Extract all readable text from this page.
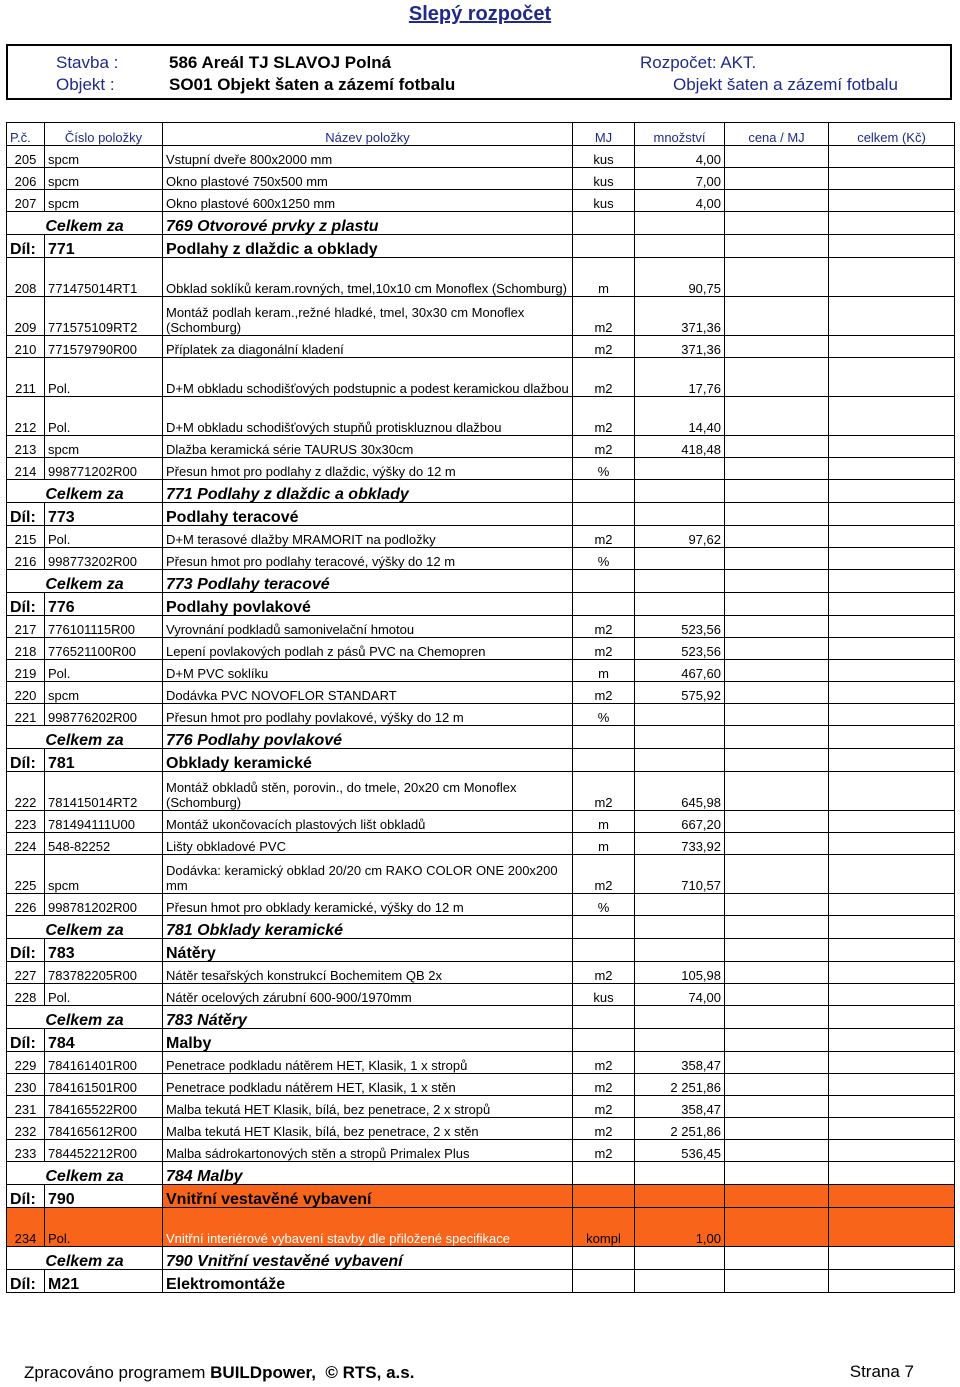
Slepý rozpočet
Stavba :	586 Areál TJ SLAVOJ Polná	Rozpočet: AKT.
Objekt :	SO01 Objekt šaten a zázemí fotbalu	Objekt šaten a zázemí fotbalu
P.č.	Číslo položky	Název položky	MJ	množství	cena / MJ	celkem (Kč)
205	spcm	Vstupní dveře 800x2000 mm	kus	4,00		
206	spcm	Okno plastové 750x500 mm	kus	7,00		
207	spcm	Okno plastové 600x1250 mm	kus	4,00		
Celkem za		769 Otvorové prvky z plastu				
Díl:	771	Podlahy z dlaždic a obklady				
208	771475014RT1	Obklad soklíků keram.rovných, tmel,10x10 cm Monoflex (Schomburg)	m	90,75		
209	771575109RT2	Montáž podlah keram.,režné hladké, tmel, 30x30 cm Monoflex (Schomburg)	m2	371,36		
210	771579790R00	Příplatek za diagonální kladení	m2	371,36		
211	Pol.	D+M obkladu schodišťových podstupnic a podest keramickou dlažbou	m2	17,76		
212	Pol.	D+M obkladu schodišťových stupňů protiskluznou dlažbou	m2	14,40		
213	spcm	Dlažba keramická série TAURUS 30x30cm	m2	418,48		
214	998771202R00	Přesun hmot pro podlahy z dlaždic, výšky do 12 m	%			
Celkem za		771 Podlahy z dlaždic a obklady				
Díl:	773	Podlahy teracové				
215	Pol.	D+M terasové dlažby MRAMORIT na podložky	m2	97,62		
216	998773202R00	Přesun hmot pro podlahy teracové, výšky do 12 m	%			
Celkem za		773 Podlahy teracové				
Díl:	776	Podlahy povlakové				
217	776101115R00	Vyrovnání podkladů samonivelační hmotou	m2	523,56		
218	776521100R00	Lepení povlakových podlah z pásů PVC na Chemopren	m2	523,56		
219	Pol.	D+M PVC soklíku	m	467,60		
220	spcm	Dodávka PVC NOVOFLOR STANDART	m2	575,92		
221	998776202R00	Přesun hmot pro podlahy povlakové, výšky do 12 m	%			
Celkem za		776 Podlahy povlakové				
Díl:	781	Obklady keramické				
222	781415014RT2	Montáž obkladů stěn, porovin., do tmele, 20x20 cm Monoflex (Schomburg)	m2	645,98		
223	781494111U00	Montáž ukončovacích plastových lišt obkladů	m	667,20		
224	548-82252	Lišty obkladové PVC	m	733,92		
225	spcm	Dodávka: keramický obklad 20/20 cm RAKO COLOR ONE 200x200 mm	m2	710,57		
226	998781202R00	Přesun hmot pro obklady keramické, výšky do 12 m	%			
Celkem za		781 Obklady keramické				
Díl:	783	Nátěry				
227	783782205R00	Nátěr tesařských konstrukcí Bochemitem QB 2x	m2	105,98		
228	Pol.	Nátěr ocelových zárubní 600-900/1970mm	kus	74,00		
Celkem za		783 Nátěry				
Díl:	784	Malby				
229	784161401R00	Penetrace podkladu nátěrem HET, Klasik, 1 x stropů	m2	358,47		
230	784161501R00	Penetrace podkladu nátěrem HET, Klasik, 1 x stěn	m2	2 251,86		
231	784165522R00	Malba tekutá HET Klasik, bílá, bez penetrace, 2 x stropů	m2	358,47		
232	784165612R00	Malba tekutá HET Klasik, bílá, bez penetrace, 2 x stěn	m2	2 251,86		
233	784452212R00	Malba sádrokartonových stěn a stropů Primalex Plus	m2	536,45		
Celkem za		784 Malby				
Díl:	790	Vnitřní vestavěné vybavení				
234	Pol.	Vnitřní interiérové vybavení stavby dle přiložené specifikace	kompl	1,00		
Celkem za		790 Vnitřní vestavěné vybavení				
Díl:	M21	Elektromontáže				
Zpracováno programem BUILDpower, © RTS, a.s.	Strana 7
